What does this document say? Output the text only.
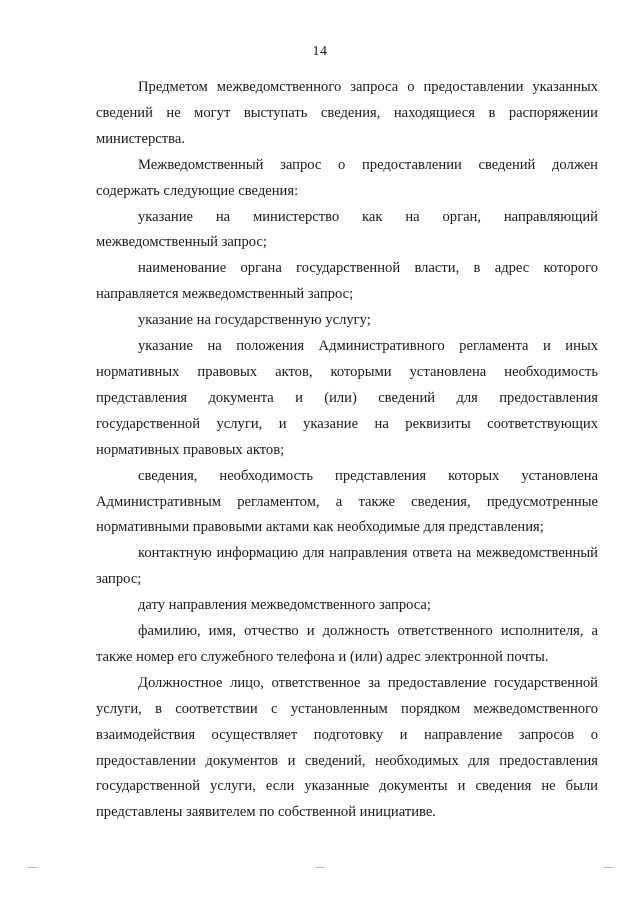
14

Предметом межведомственного запроса о предоставлении указанных сведений не могут выступать сведения, находящиеся в распоряжении министерства.

Межведомственный запрос о предоставлении сведений должен содержать следующие сведения:

указание на министерство как на орган, направляющий межведомственный запрос;

наименование органа государственной власти, в адрес которого направляется межведомственный запрос;

указание на государственную услугу;

указание на положения Административного регламента и иных нормативных правовых актов, которыми установлена необходимость представления документа и (или) сведений для предоставления государственной услуги, и указание на реквизиты соответствующих нормативных правовых актов;

сведения, необходимость представления которых установлена Административным регламентом, а также сведения, предусмотренные нормативными правовыми актами как необходимые для представления;

контактную информацию для направления ответа на межведомственный запрос;

дату направления межведомственного запроса;

фамилию, имя, отчество и должность ответственного исполнителя, а также номер его служебного телефона и (или) адрес электронной почты.

Должностное лицо, ответственное за предоставление государственной услуги, в соответствии с установленным порядком межведомственного взаимодействия осуществляет подготовку и направление запросов о предоставлении документов и сведений, необходимых для предоставления государственной услуги, если указанные документы и сведения не были представлены заявителем по собственной инициативе.
